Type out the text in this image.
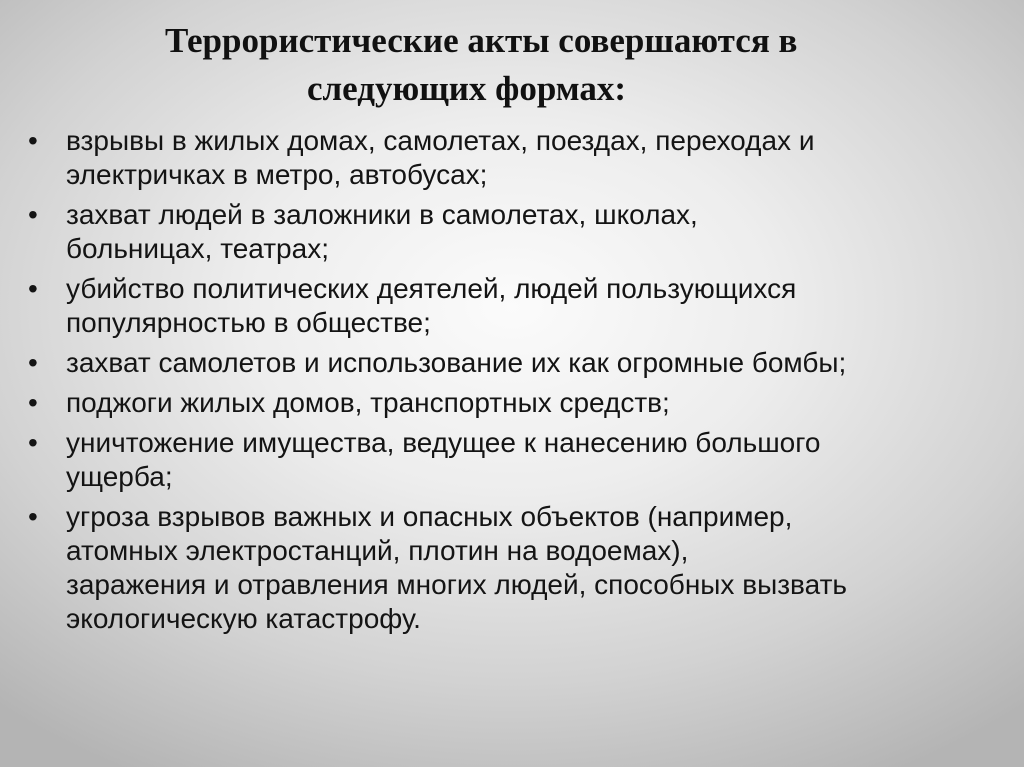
Террористические акты совершаются в
следующих формах:
• взрывы в жилых домах, самолетах, поездах, переходах и
электричках в метро, автобусах;
• захват людей в заложники в самолетах, школах,
больницах, театрах;
• убийство политических деятелей, людей пользующихся
популярностью в обществе;
• захват самолетов и использование их как огромные бомбы;
• поджоги жилых домов, транспортных средств;
• уничтожение имущества, ведущее к нанесению большого
ущерба;
• угроза взрывов важных и опасных объектов (например,
атомных электростанций, плотин на водоемах),
заражения и отравления многих людей, способных вызвать
экологическую катастрофу.
